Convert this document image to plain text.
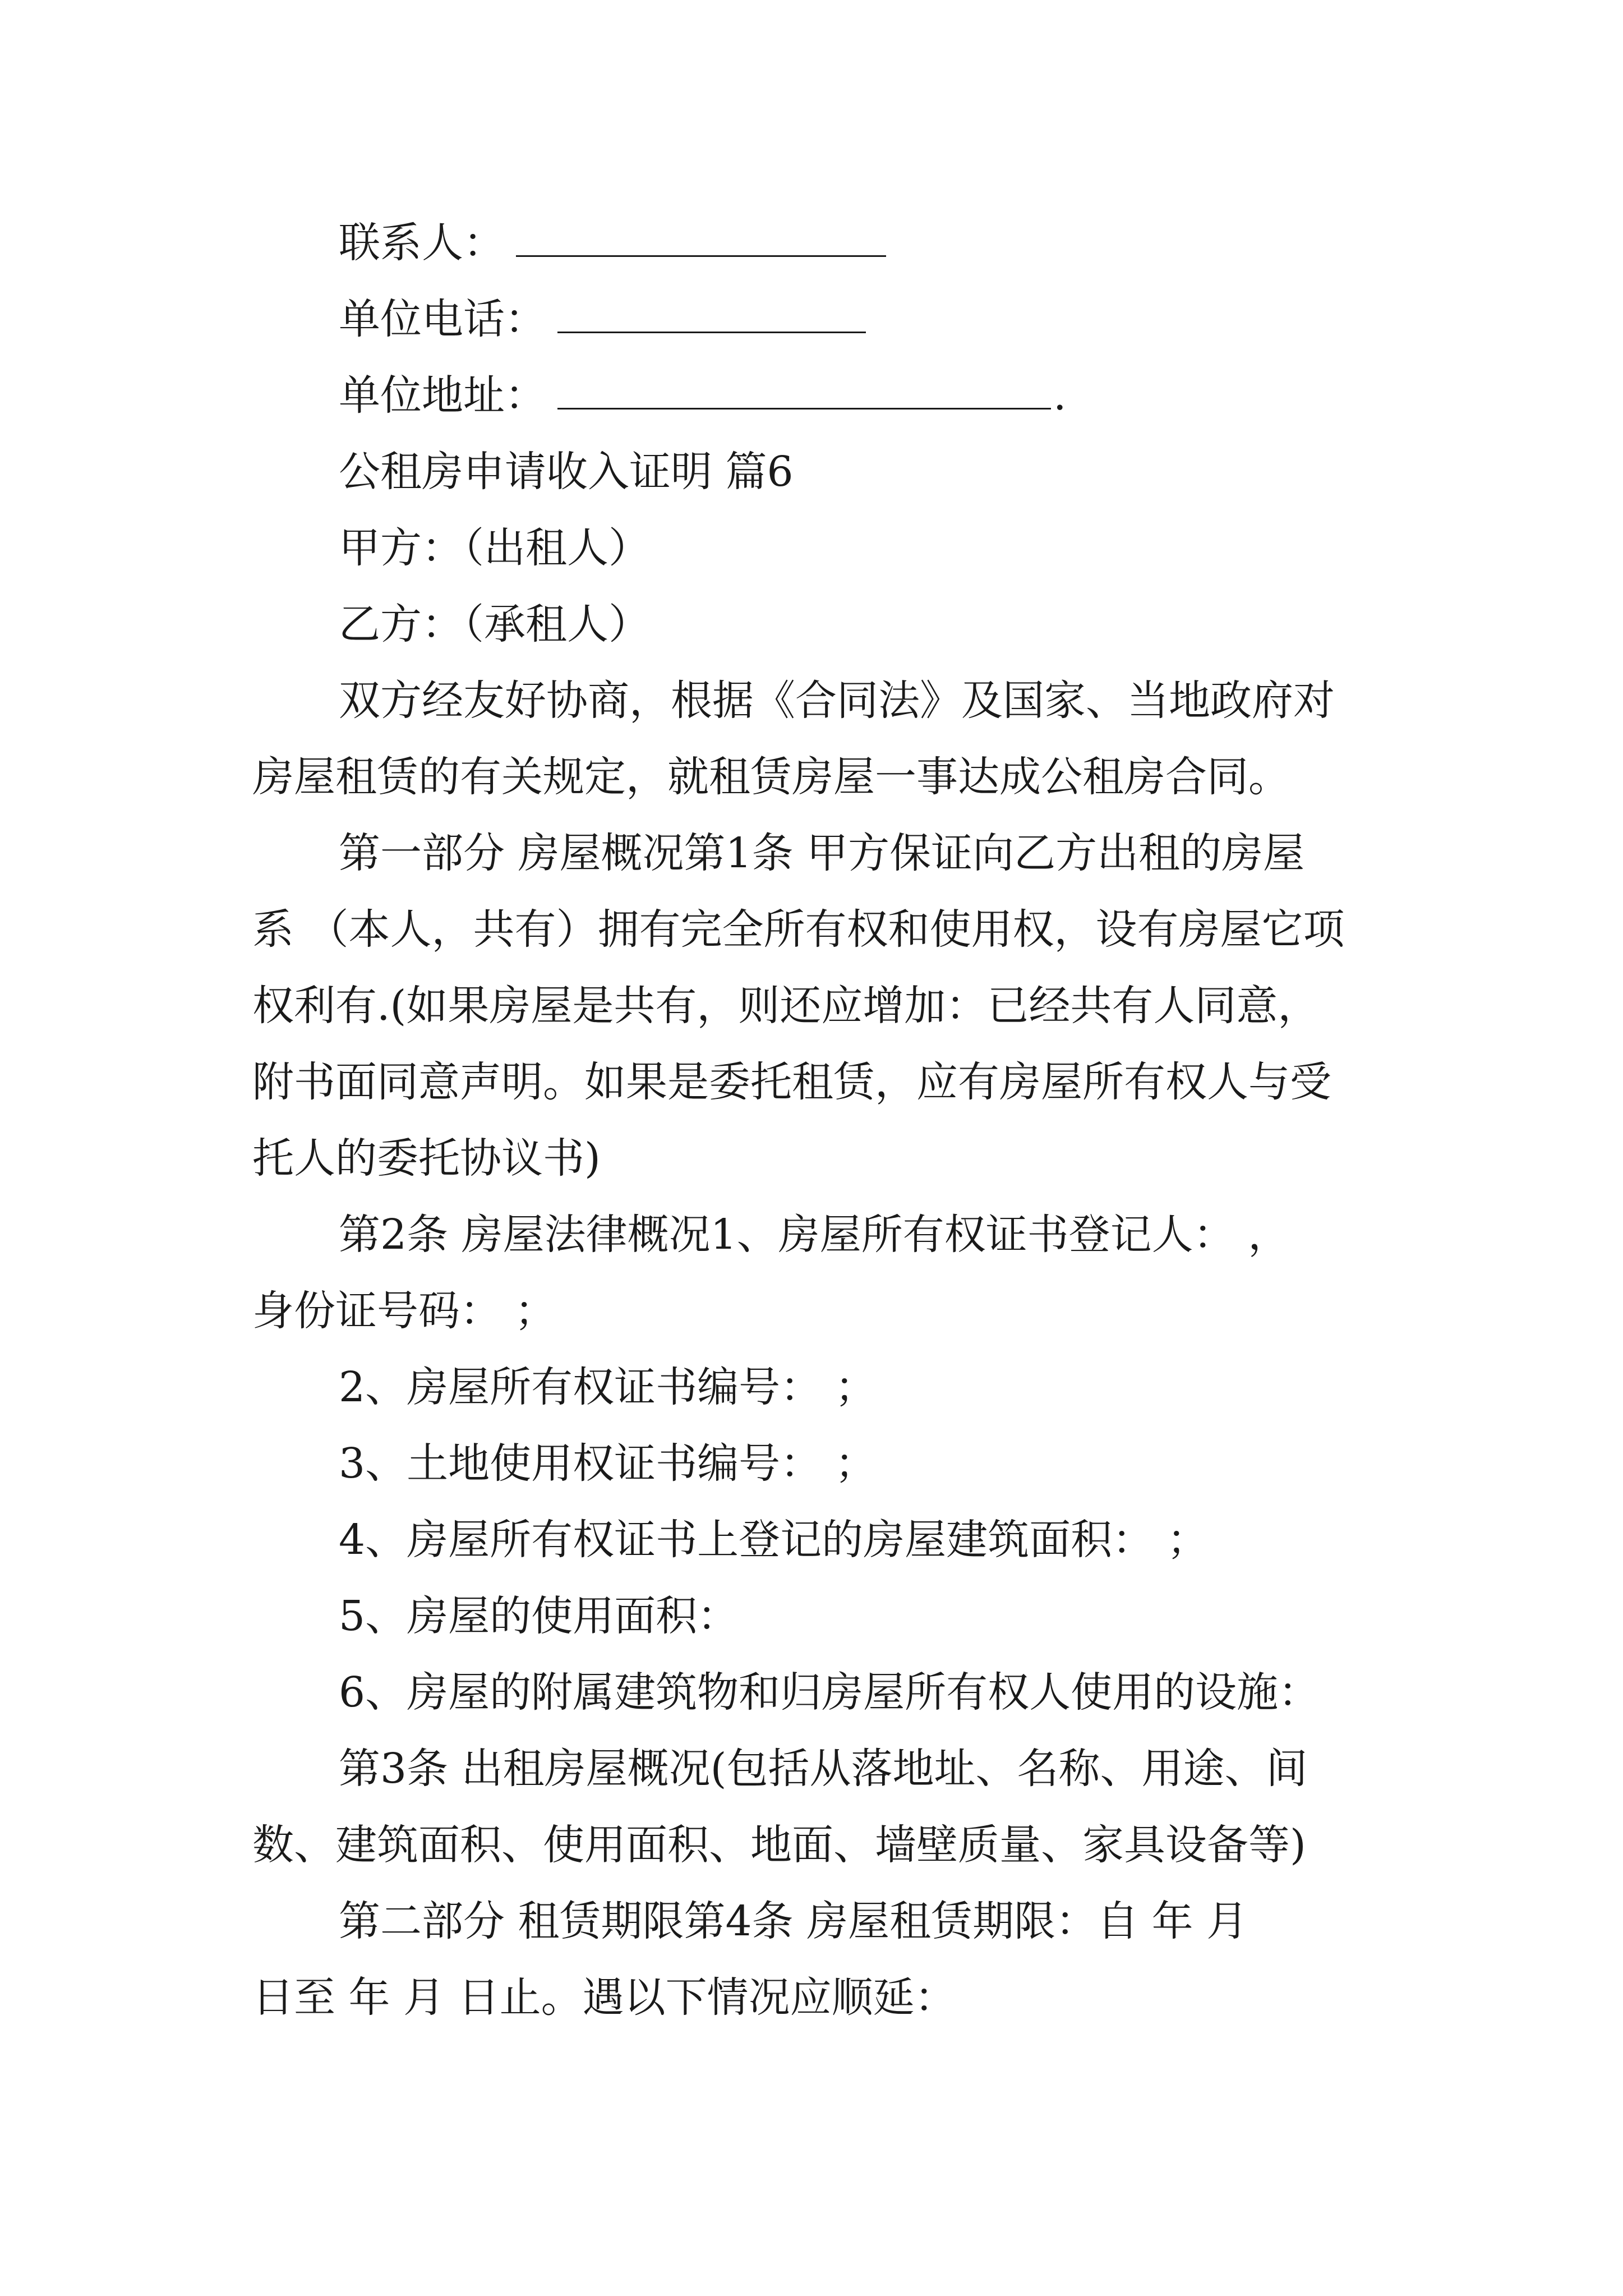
联系人：
单位电话：
单位地址：	.
公租房申请收入证明 篇6
甲方：（出租人）
乙方：（承租人）
双方经友好协商，根据《合同法》及国家、当地政府对
房屋租赁的有关规定，就租赁房屋一事达成公租房合同。
第一部分 房屋概况第1条 甲方保证向乙方出租的房屋
系 （本人，共有）拥有完全所有权和使用权，设有房屋它项
权利有.(如果房屋是共有，则还应增加：已经共有人同意，
附书面同意声明。如果是委托租赁，应有房屋所有权人与受
托人的委托协议书)
第2条 房屋法律概况1、房屋所有权证书登记人： ，
身份证号码： ；
2、房屋所有权证书编号： ；
3、土地使用权证书编号： ；
4、房屋所有权证书上登记的房屋建筑面积： ；
5、房屋的使用面积：
6、房屋的附属建筑物和归房屋所有权人使用的设施：
第3条 出租房屋概况(包括从落地址、名称、用途、间
数、建筑面积、使用面积、地面、墙壁质量、家具设备等)
第二部分 租赁期限第4条 房屋租赁期限：自 年 月
日至 年 月 日止。遇以下情况应顺延：
